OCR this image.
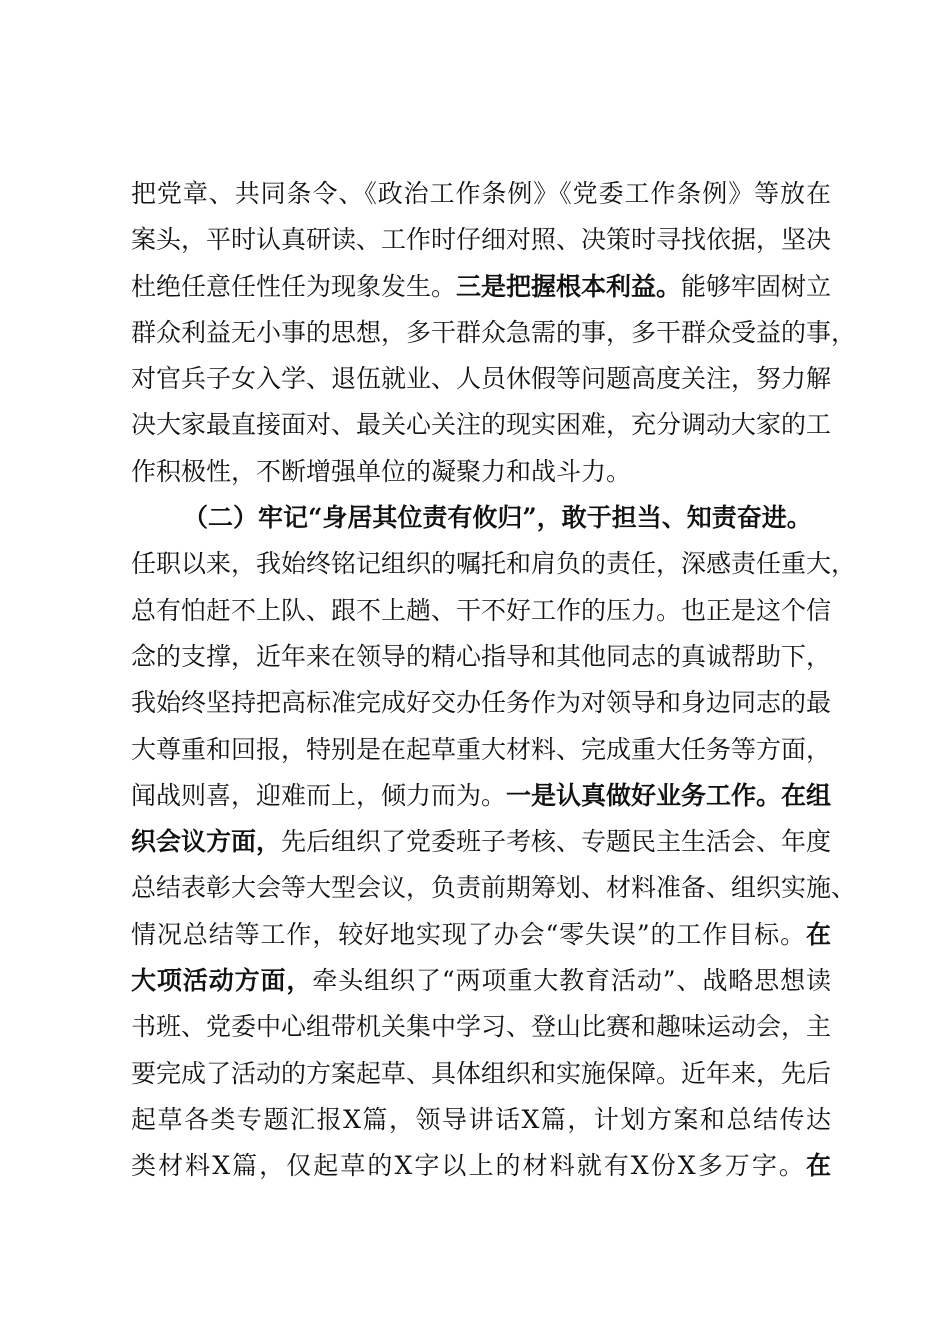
把党章、共同条令、《政治工作条例》《党委工作条例》等放在
案头，平时认真研读、工作时仔细对照、决策时寻找依据，坚决
杜绝任意任性任为现象发生。三是把握根本利益。能够牢固树立
群众利益无小事的思想，多干群众急需的事，多干群众受益的事，
对官兵子女入学、退伍就业、人员休假等问题高度关注，努力解
决大家最直接面对、最关心关注的现实困难，充分调动大家的工
作积极性，不断增强单位的凝聚力和战斗力。
（二）牢记“身居其位责有攸归”，敢于担当、知责奋进。
任职以来，我始终铭记组织的嘱托和肩负的责任，深感责任重大，
总有怕赶不上队、跟不上趟、干不好工作的压力。也正是这个信
念的支撑，近年来在领导的精心指导和其他同志的真诚帮助下，
我始终坚持把高标准完成好交办任务作为对领导和身边同志的最
大尊重和回报，特别是在起草重大材料、完成重大任务等方面，
闻战则喜，迎难而上，倾力而为。一是认真做好业务工作。在组
织会议方面，先后组织了党委班子考核、专题民主生活会、年度
总结表彰大会等大型会议，负责前期筹划、材料准备、组织实施、
情况总结等工作，较好地实现了办会“零失误”的工作目标。在
大项活动方面，牵头组织了“两项重大教育活动”、战略思想读
书班、党委中心组带机关集中学习、登山比赛和趣味运动会，主
要完成了活动的方案起草、具体组织和实施保障。近年来，先后
起草各类专题汇报X篇，领导讲话X篇，计划方案和总结传达
类材料X篇，仅起草的X字以上的材料就有X份X多万字。在
